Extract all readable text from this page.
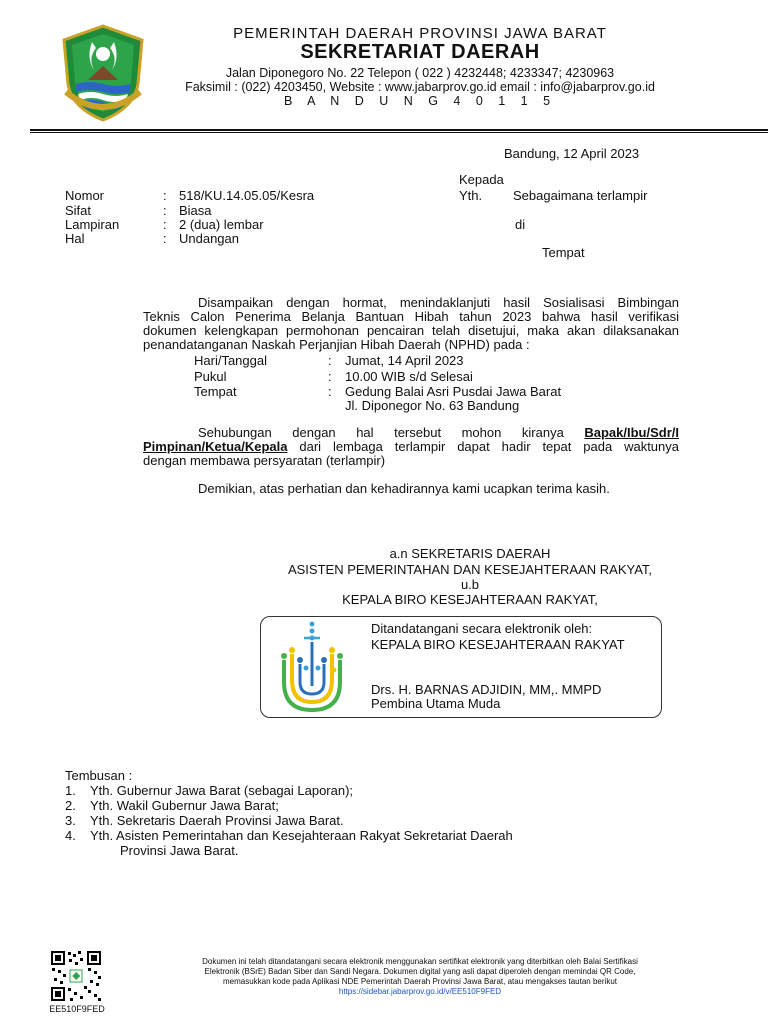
PEMERINTAH DAERAH PROVINSI JAWA BARAT
SEKRETARIAT DAERAH
Jalan Diponegoro No. 22 Telepon ( 022 ) 4232448; 4233347; 4230963
Faksimil : (022) 4203450, Website : www.jabarprov.go.id email : info@jabarprov.go.id
B A N D U N G 4 0 1 1 5
Bandung, 12 April 2023
Kepada
Yth. Sebagaimana terlampir
di
Tempat
Nomor	: 518/KU.14.05.05/Kesra
Sifat	: Biasa
Lampiran	: 2 (dua) lembar
Hal	: Undangan
Disampaikan dengan hormat, menindaklanjuti hasil Sosialisasi Bimbingan
Teknis Calon Penerima Belanja Bantuan Hibah tahun 2023 bahwa hasil verifikasi
dokumen kelengkapan permohonan pencairan telah disetujui, maka akan dilaksanakan
penandatanganan Naskah Perjanjian Hibah Daerah (NPHD) pada :
Hari/Tanggal	: Jumat, 14 April 2023
Pukul	: 10.00 WIB s/d Selesai
Tempat	: Gedung Balai Asri Pusdai Jawa Barat
Jl. Diponegor No. 63 Bandung
Sehubungan dengan hal tersebut mohon kiranya Bapak/Ibu/Sdr/I
Pimpinan/Ketua/Kepala dari lembaga terlampir dapat hadir tepat pada waktunya
dengan membawa persyaratan (terlampir)
Demikian, atas perhatian dan kehadirannya kami ucapkan terima kasih.
a.n SEKRETARIS DAERAH
ASISTEN PEMERINTAHAN DAN KESEJAHTERAAN RAKYAT,
u.b
KEPALA BIRO KESEJAHTERAAN RAKYAT,
Ditandatangani secara elektronik oleh:
KEPALA BIRO KESEJAHTERAAN RAKYAT
Drs. H. BARNAS ADJIDIN, MM,. MMPD
Pembina Utama Muda
Tembusan :
1. Yth. Gubernur Jawa Barat (sebagai Laporan);
2. Yth. Wakil Gubernur Jawa Barat;
3. Yth. Sekretaris Daerah Provinsi Jawa Barat.
4. Yth. Asisten Pemerintahan dan Kesejahteraan Rakyat Sekretariat Daerah
Provinsi Jawa Barat.
EE510F9FED
Dokumen ini telah ditandatangani secara elektronik menggunakan sertifikat elektronik yang diterbitkan oleh Balai Sertifikasi
Elektronik (BSrE) Badan Siber dan Sandi Negara. Dokumen digital yang asli dapat diperoleh dengan memindai QR Code,
memasukkan kode pada Aplikasi NDE Pemerintah Daerah Provinsi Jawa Barat, atau mengakses tautan berikut
https://sidebar.jabarprov.go.id/v/EE510F9FED
